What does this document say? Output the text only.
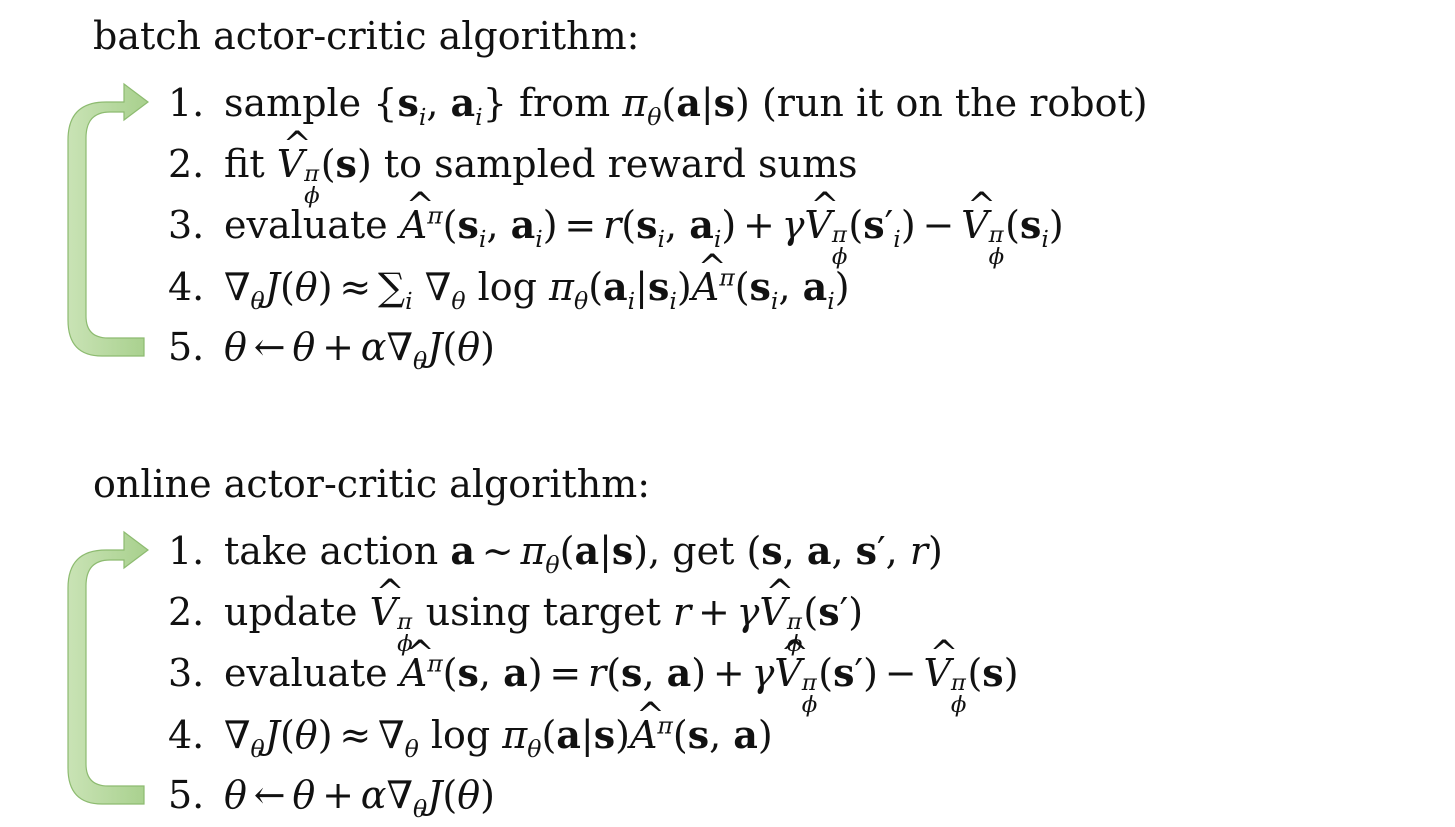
batch actor-critic algorithm:
1. sample {$s_i$, $a_i$} from $\pi_\theta(a|s)$ (run it on the robot)
2. fit ^ V π
ϕ
(s) to sampled reward sums
3. evaluate ^ $A^\pi(s_i$, $a_i) = r(s_i$, $a_i$) + γ^ V π
ϕ
$(s'_i)$ − ^ V π
ϕ
$(s_i)$
4. $\nabla_\theta J(\theta) \approx \sum_i$ $\nabla_\theta$ $\log \pi_\theta(a_i|s_i)\^{}$ $A^\pi(s_i$, $a_i$)
5. θ ← $\theta + \alpha\nabla_\theta J(\theta)$
online actor-critic algorithm:
1. take action a ∼ $\pi_\theta(a|s)$ , get (s, a, s′, r)
2. update ^ V π
ϕ
using target r + γ^ V π
ϕ
(s′)
3. evaluate ^ $A^\pi(s$, a) = r(s, a) + γ^ V π
ϕ
(s′) − ^ V π
ϕ
(s)
4. $\nabla_\theta J(\theta) \approx \nabla_\theta$ $\log \pi_\theta(a|s)\^{}$ $A^\pi(s$, a)
5. θ ← $\theta + \alpha\nabla_\theta J(\theta)$
